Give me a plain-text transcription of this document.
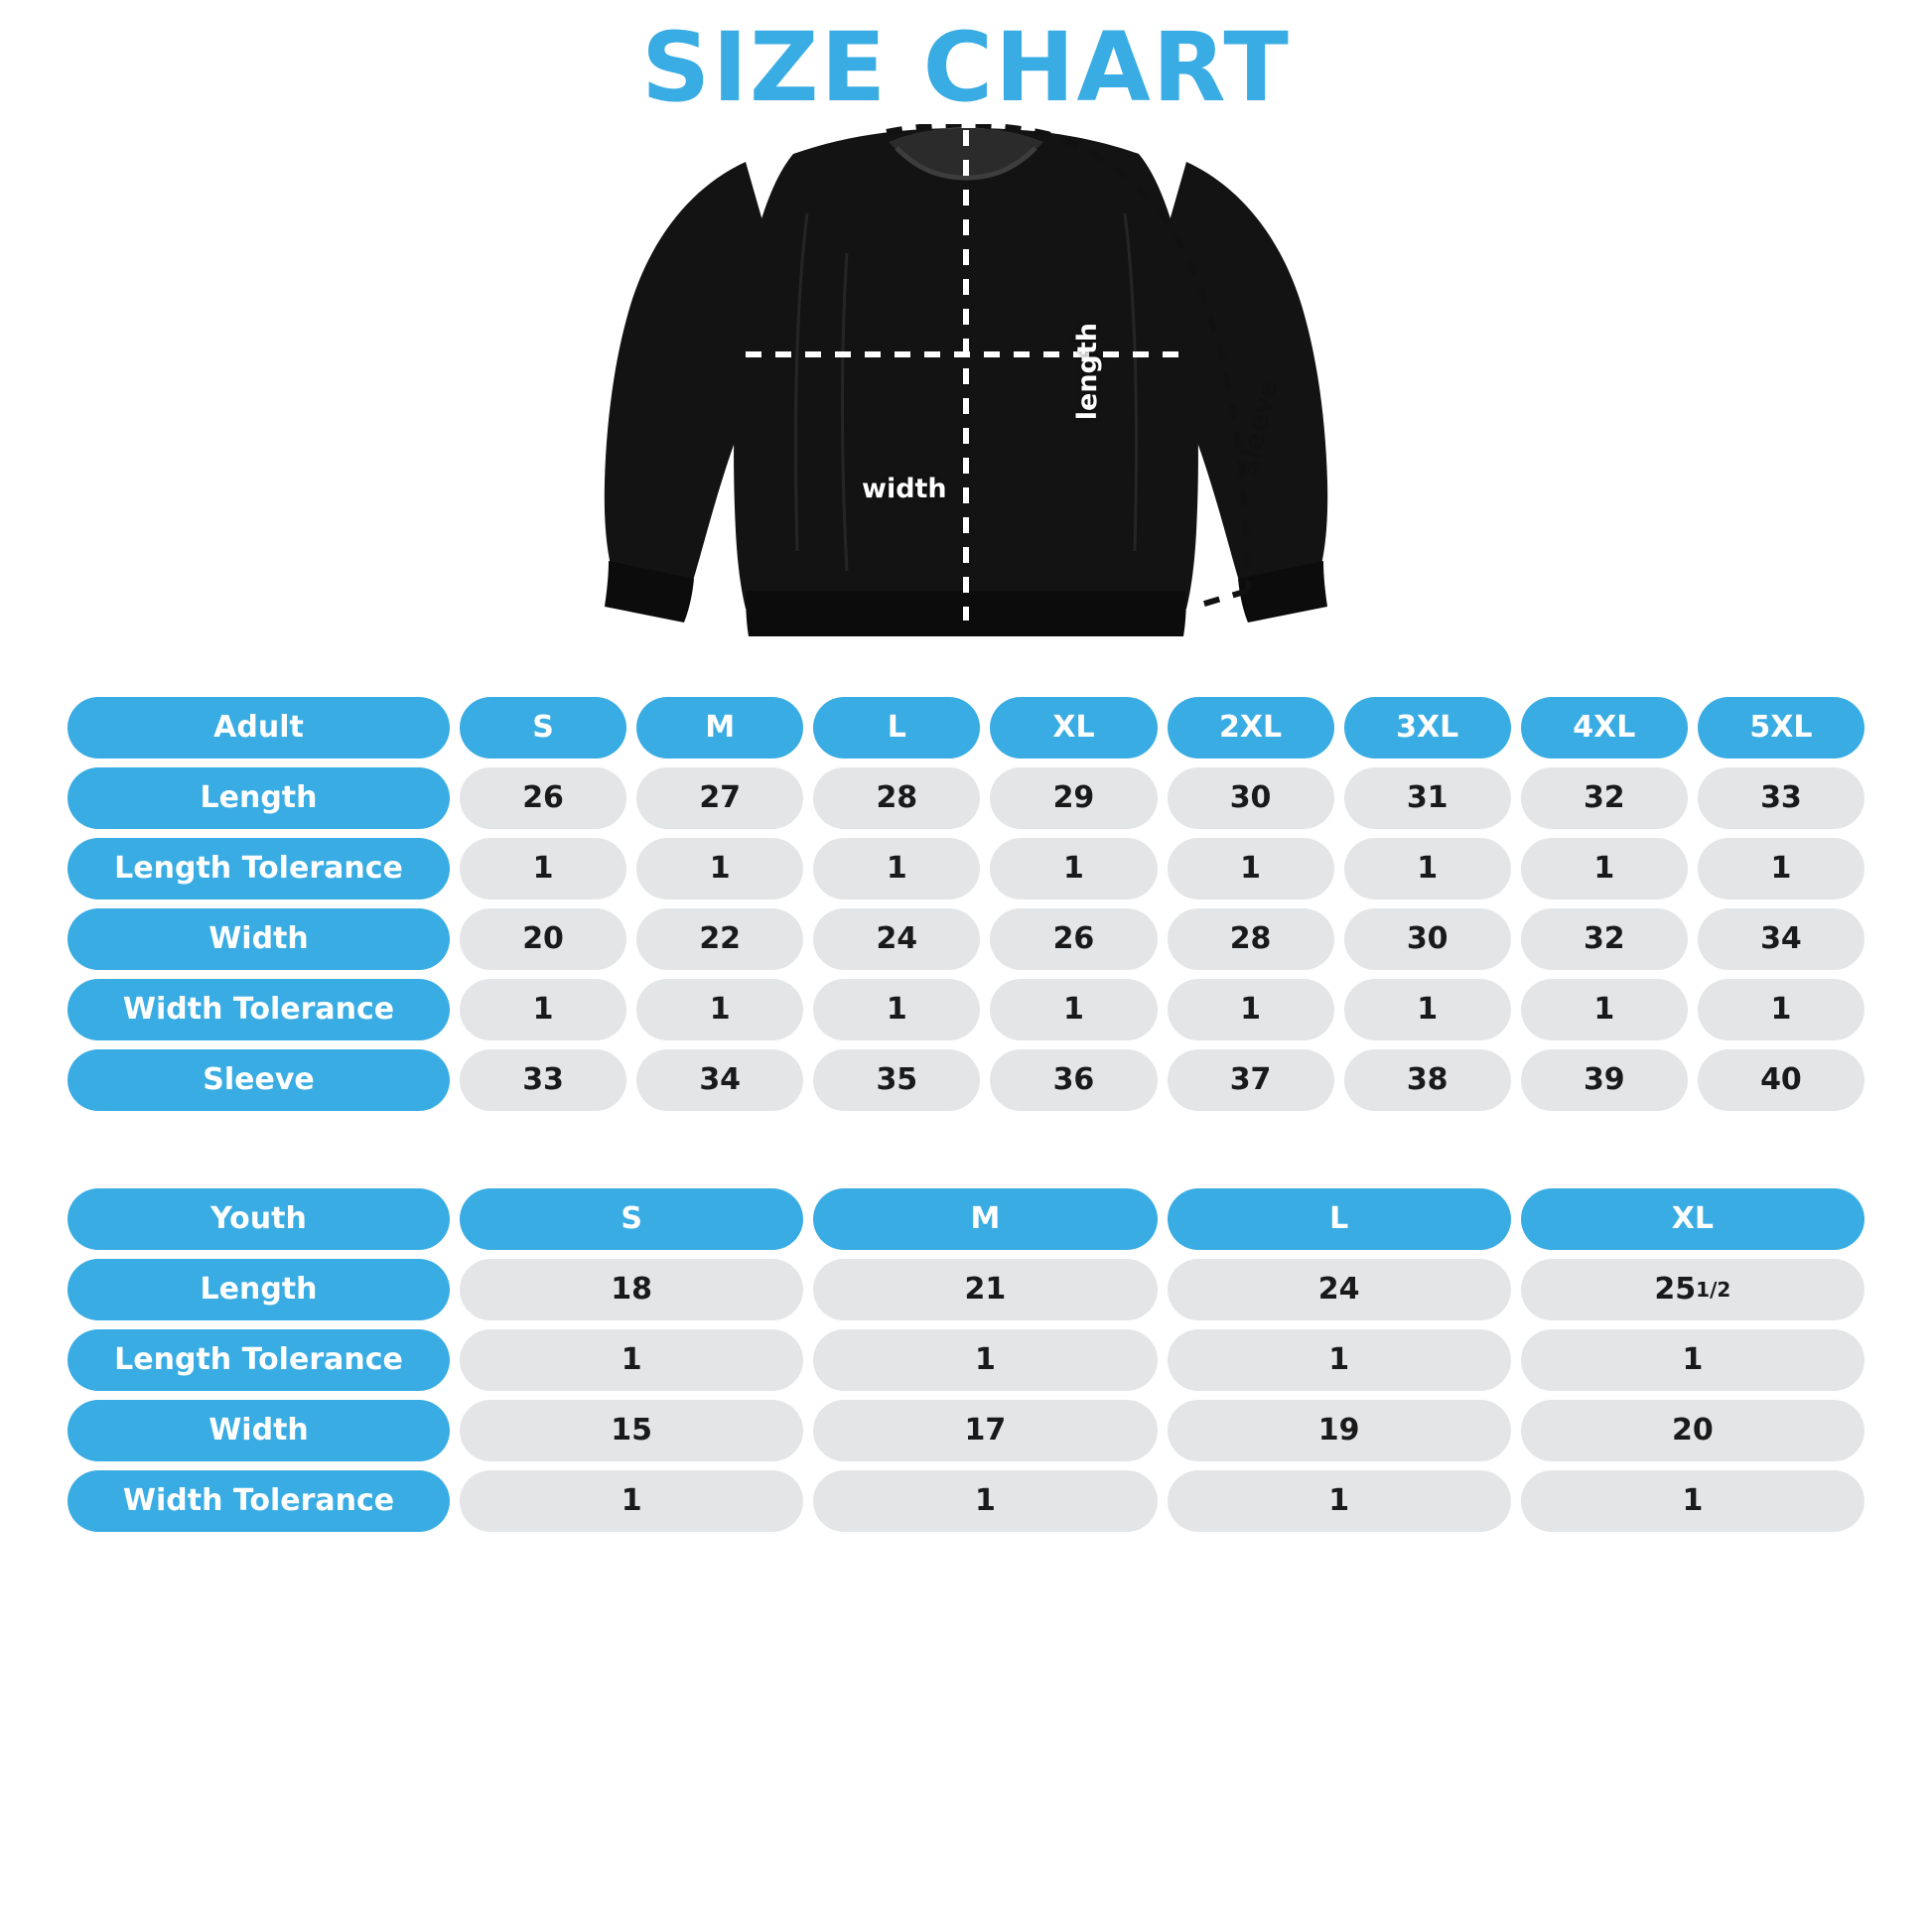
SIZE CHART
width
length
sleeve
Adult	S	M	L	XL	2XL	3XL	4XL	5XL

Length	26	27	28	29	30	31	32	33

Length Tolerance	1	1	1	1	1	1	1	1

Width	20	22	24	26	28	30	32	34

Width Tolerance	1	1	1	1	1	1	1	1

Sleeve	33	34	35	36	37	38	39	40
Youth	S	M	L	XL

Length	18	21	24	25 1 /2

Length Tolerance	1	1	1	1

Width	15	17	19	20

Width Tolerance	1	1	1	1
